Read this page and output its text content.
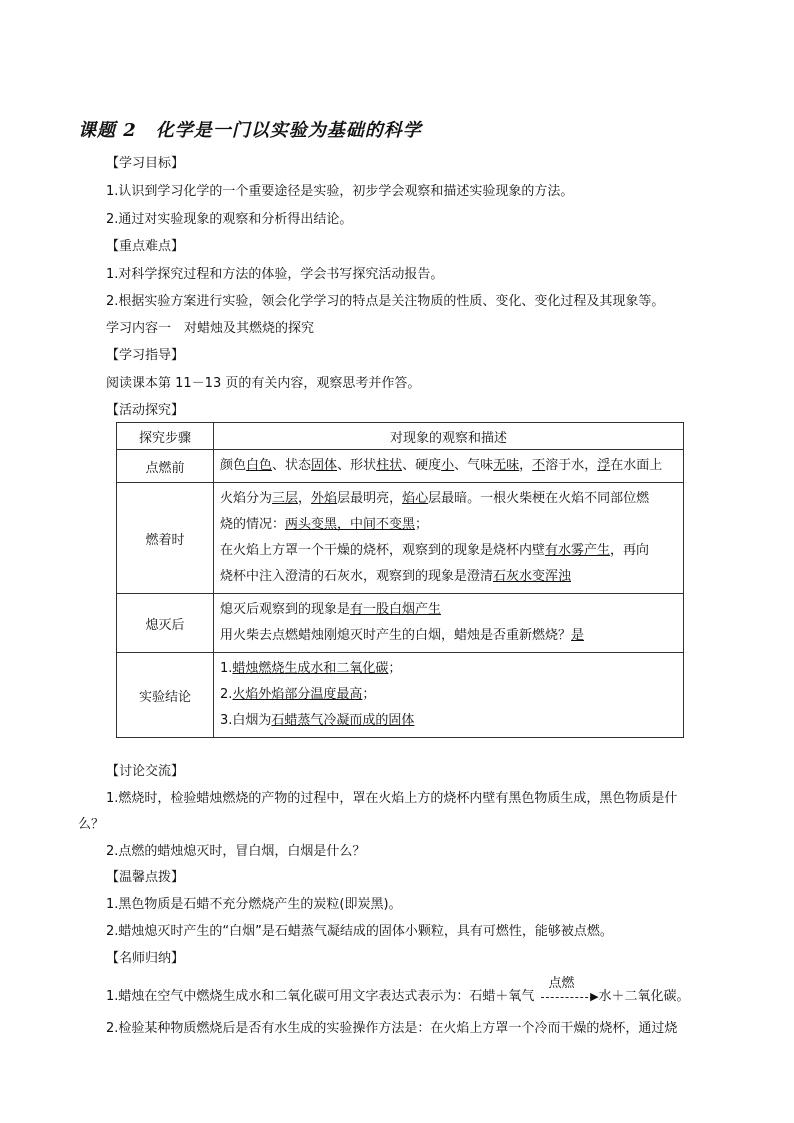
课题 2　化学是一门以实验为基础的科学
【学习目标】
1.认识到学习化学的一个重要途径是实验，初步学会观察和描述实验现象的方法。
2.通过对实验现象的观察和分析得出结论。
【重点难点】
1.对科学探究过程和方法的体验，学会书写探究活动报告。
2.根据实验方案进行实验，领会化学学习的特点是关注物质的性质、变化、变化过程及其现象等。
学习内容一　对蜡烛及其燃烧的探究
【学习指导】
阅读课本第 11－13 页的有关内容，观察思考并作答。
【活动探究】
探究步骤	对现象的观察和描述
点燃前	颜色白色、状态固体、形状柱状、硬度小、气味无味，不溶于水，浮在水面上
燃着时	火焰分为三层，外焰层最明亮，焰心层最暗。一根火柴梗在火焰不同部位燃
烧的情况：两头变黑，中间不变黑；
在火焰上方罩一个干燥的烧杯，观察到的现象是烧杯内壁有水雾产生，再向
烧杯中注入澄清的石灰水，观察到的现象是澄清石灰水变浑浊
熄灭后	熄灭后观察到的现象是有一股白烟产生
用火柴去点燃蜡烛刚熄灭时产生的白烟，蜡烛是否重新燃烧？是
实验结论	1.蜡烛燃烧生成水和二氧化碳；
2.火焰外焰部分温度最高；
3.白烟为石蜡蒸气冷凝而成的固体
【讨论交流】
1.燃烧时，检验蜡烛燃烧的产物的过程中，罩在火焰上方的烧杯内壁有黑色物质生成，黑色物质是什
么？
2.点燃的蜡烛熄灭时，冒白烟，白烟是什么？
【温馨点拨】
1.黑色物质是石蜡不充分燃烧产生的炭粒(即炭黑)。
2.蜡烛熄灭时产生的“白烟”是石蜡蒸气凝结成的固体小颗粒，具有可燃性，能够被点燃。
【名师归纳】
1.蜡烛在空气中燃烧生成水和二氧化碳可用文字表达式表示为：石蜡＋氧气
点燃
▶ 水＋二氧化碳。
2.检验某种物质燃烧后是否有水生成的实验操作方法是：在火焰上方罩一个冷而干燥的烧杯，通过烧
